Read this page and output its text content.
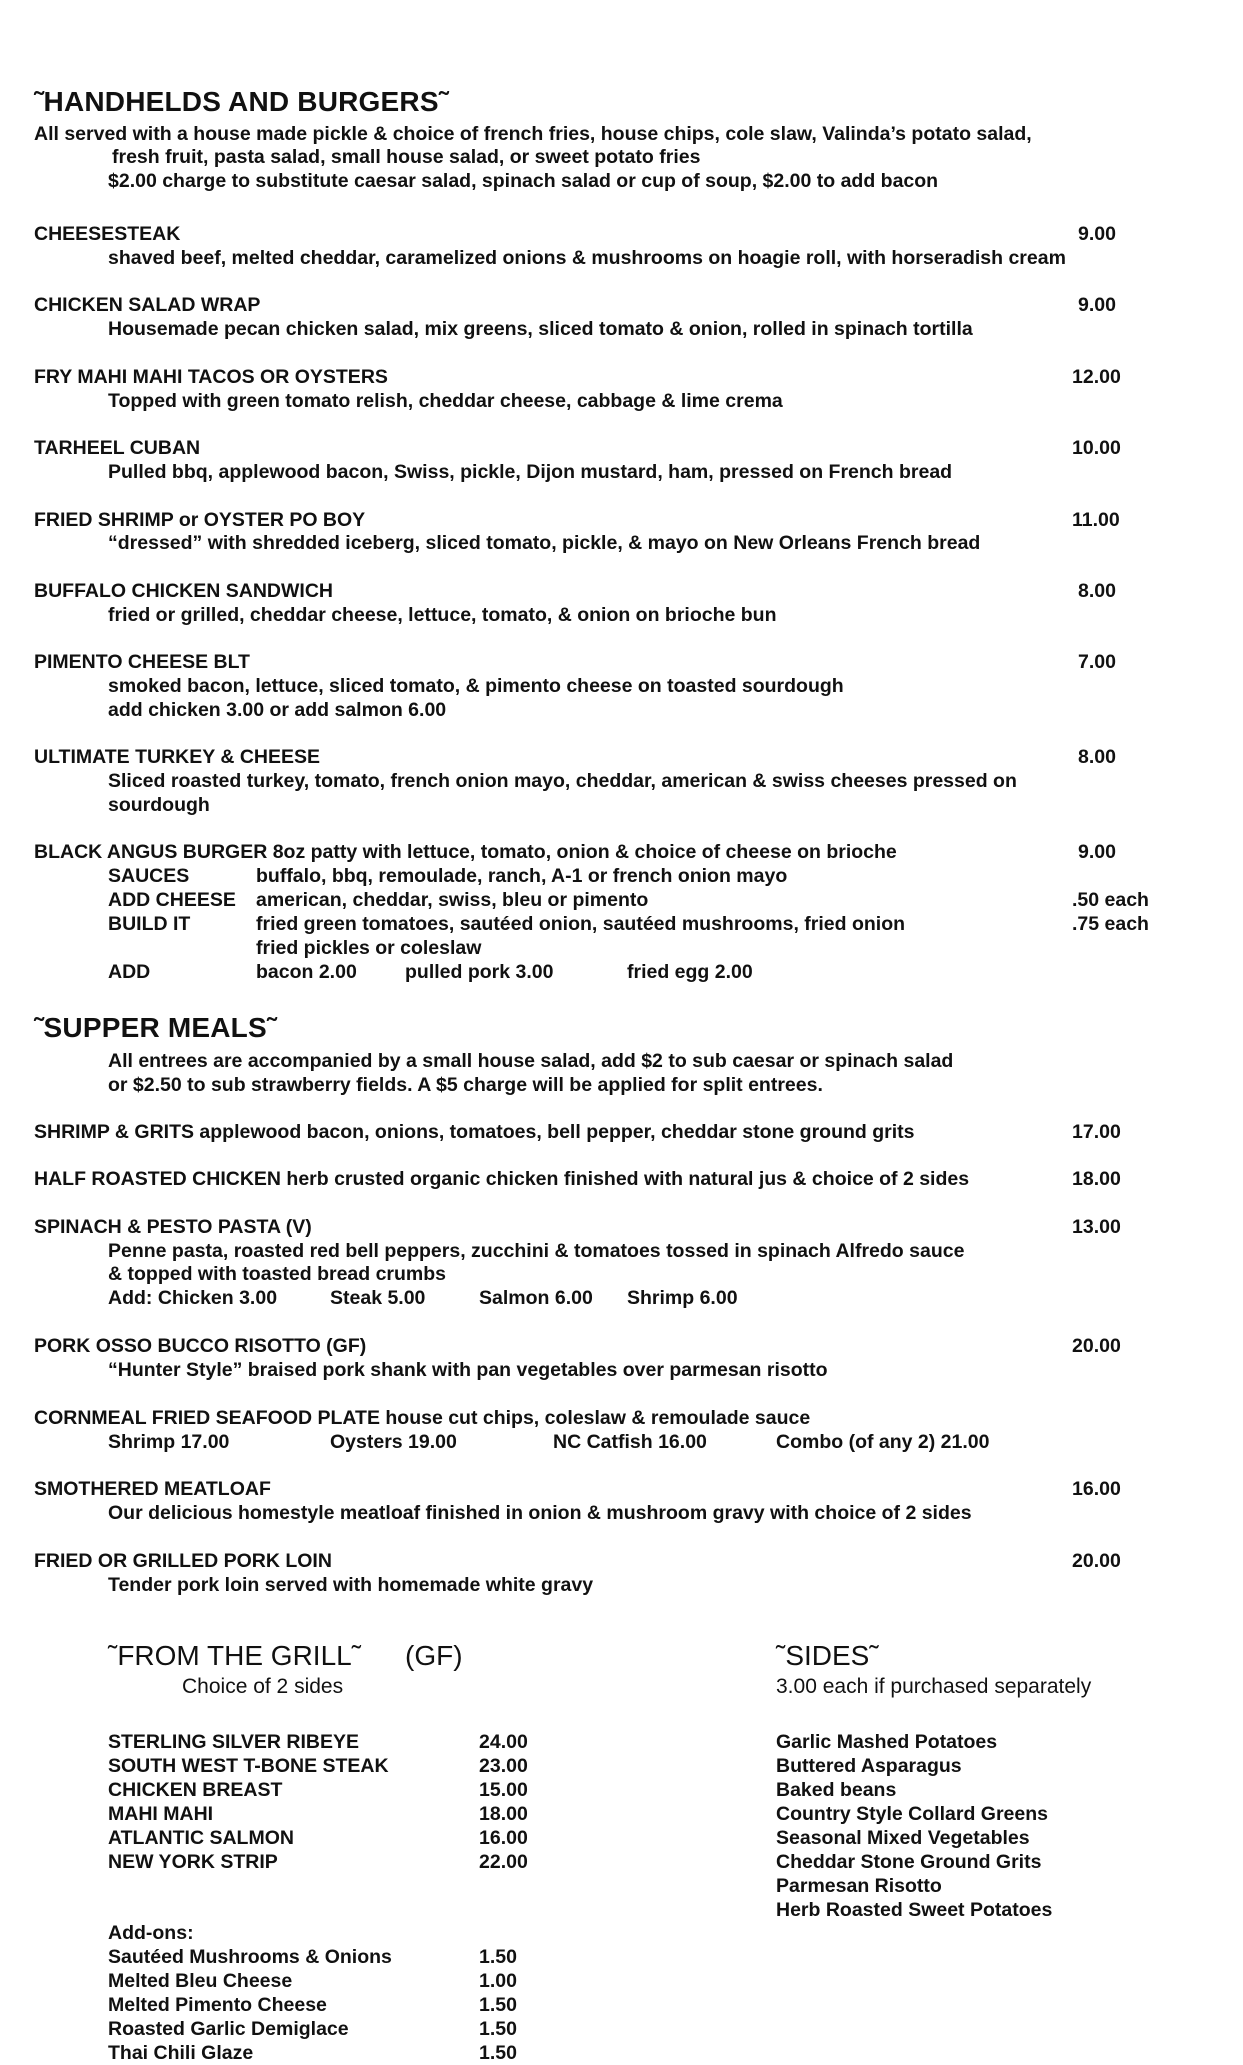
˜HANDHELDS AND BURGERS˜
All served with a house made pickle & choice of french fries, house chips, cole slaw, Valinda’s potato salad,
fresh fruit, pasta salad, small house salad, or sweet potato fries
$2.00 charge to substitute caesar salad, spinach salad or cup of soup, $2.00 to add bacon
CHEESESTEAK	9.00
shaved beef, melted cheddar, caramelized onions & mushrooms on hoagie roll, with horseradish cream
CHICKEN SALAD WRAP	9.00
Housemade pecan chicken salad, mix greens, sliced tomato & onion, rolled in spinach tortilla
FRY MAHI MAHI TACOS OR OYSTERS	12.00
Topped with green tomato relish, cheddar cheese, cabbage & lime crema
TARHEEL CUBAN	10.00
Pulled bbq, applewood bacon, Swiss, pickle, Dijon mustard, ham, pressed on French bread
FRIED SHRIMP or OYSTER PO BOY	11.00
“dressed” with shredded iceberg, sliced tomato, pickle, & mayo on New Orleans French bread
BUFFALO CHICKEN SANDWICH	8.00
fried or grilled, cheddar cheese, lettuce, tomato, & onion on brioche bun
PIMENTO CHEESE BLT	7.00
smoked bacon, lettuce, sliced tomato, & pimento cheese on toasted sourdough
add chicken 3.00 or add salmon 6.00
ULTIMATE TURKEY & CHEESE	8.00
Sliced roasted turkey, tomato, french onion mayo, cheddar, american & swiss cheeses pressed on
sourdough
BLACK ANGUS BURGER 8oz patty with lettuce, tomato, onion & choice of cheese on brioche	9.00
SAUCES	buffalo, bbq, remoulade, ranch, A-1 or french onion mayo
ADD CHEESE american, cheddar, swiss, bleu or pimento	.50 each
BUILD IT	fried green tomatoes, sautéed onion, sautéed mushrooms, fried onion	.75 each
fried pickles or coleslaw
ADD	bacon 2.00 pulled pork 3.00	fried egg 2.00
˜SUPPER MEALS˜
All entrees are accompanied by a small house salad, add $2 to sub caesar or spinach salad
or $2.50 to sub strawberry fields. A $5 charge will be applied for split entrees.
SHRIMP & GRITS applewood bacon, onions, tomatoes, bell pepper, cheddar stone ground grits	17.00
HALF ROASTED CHICKEN herb crusted organic chicken finished with natural jus & choice of 2 sides	18.00
SPINACH & PESTO PASTA (V)	13.00
Penne pasta, roasted red bell peppers, zucchini & tomatoes tossed in spinach Alfredo sauce
& topped with toasted bread crumbs
Add: Chicken 3.00	Steak 5.00	Salmon 6.00 Shrimp 6.00
PORK OSSO BUCCO RISOTTO (GF)	20.00
“Hunter Style” braised pork shank with pan vegetables over parmesan risotto
CORNMEAL FRIED SEAFOOD PLATE house cut chips, coleslaw & remoulade sauce
Shrimp 17.00	Oysters 19.00	NC Catfish 16.00	Combo (of any 2) 21.00
SMOTHERED MEATLOAF	16.00
Our delicious homestyle meatloaf finished in onion & mushroom gravy with choice of 2 sides
FRIED OR GRILLED PORK LOIN	20.00
Tender pork loin served with homemade white gravy
˜FROM THE GRILL˜ (GF)
Choice of 2 sides
STERLING SILVER RIBEYE	24.00
SOUTH WEST T-BONE STEAK	23.00
CHICKEN BREAST	15.00
MAHI MAHI	18.00
ATLANTIC SALMON	16.00
NEW YORK STRIP	22.00
Add-ons:
Sautéed Mushrooms & Onions	1.50
Melted Bleu Cheese	1.00
Melted Pimento Cheese	1.50
Roasted Garlic Demiglace	1.50
Thai Chili Glaze	1.50
˜SIDES˜
3.00 each if purchased separately
Garlic Mashed Potatoes
Buttered Asparagus
Baked beans
Country Style Collard Greens
Seasonal Mixed Vegetables
Cheddar Stone Ground Grits
Parmesan Risotto
Herb Roasted Sweet Potatoes
